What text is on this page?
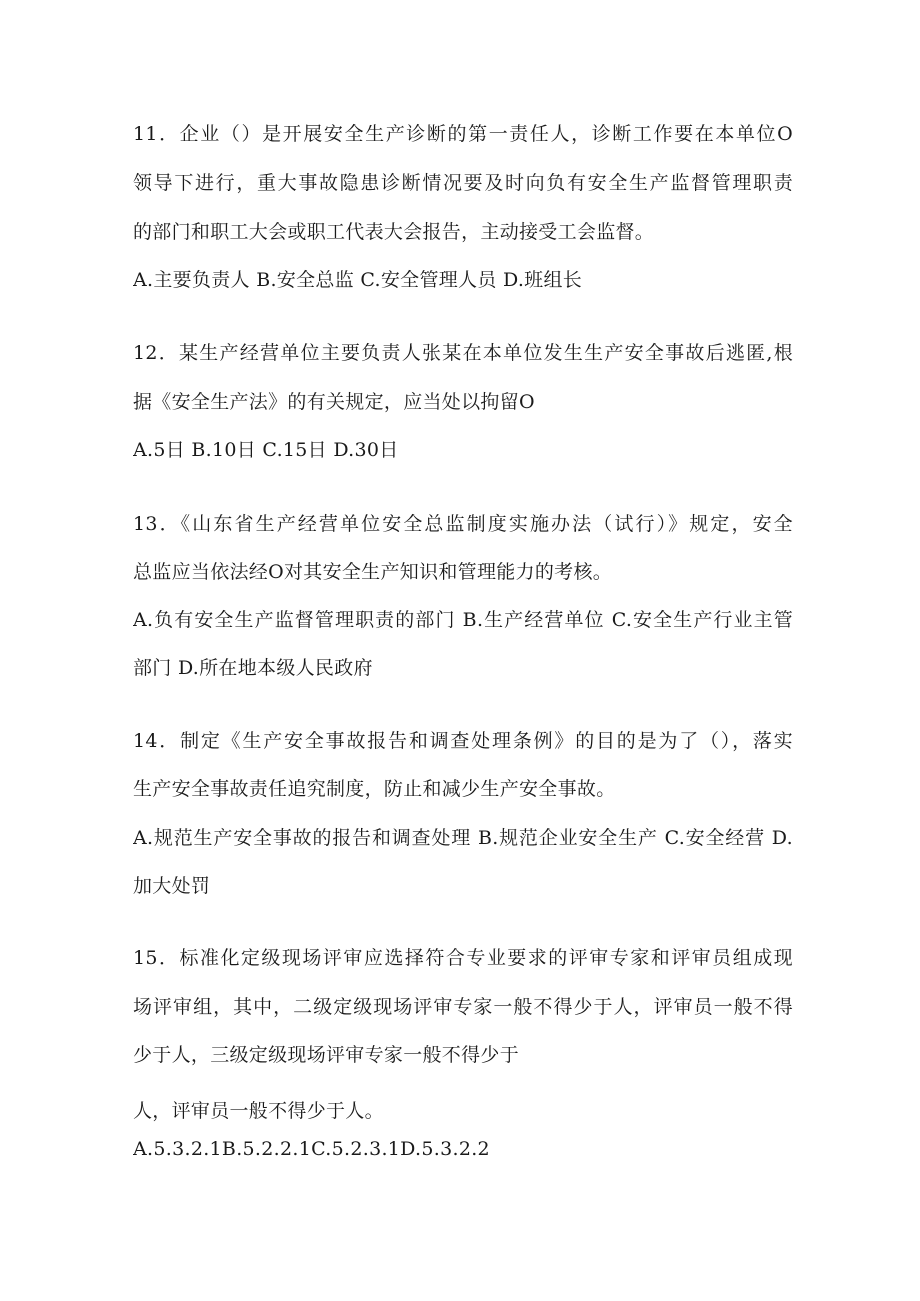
11．企业（）是开展安全生产诊断的第一责任人，诊断工作要在本单位O
领导下进行，重大事故隐患诊断情况要及时向负有安全生产监督管理职责
的部门和职工大会或职工代表大会报告，主动接受工会监督。
A.主要负责人 B.安全总监 C.安全管理人员 D.班组长
12．某生产经营单位主要负责人张某在本单位发生生产安全事故后逃匿,根
据《安全生产法》的有关规定，应当处以拘留O
A.5日 B.10日 C.15日 D.30日
13．《山东省生产经营单位安全总监制度实施办法（试行）》规定，安全
总监应当依法经O对其安全生产知识和管理能力的考核。
A.负有安全生产监督管理职责的部门 B.生产经营单位 C.安全生产行业主管
部门 D.所在地本级人民政府
14．制定《生产安全事故报告和调查处理条例》的目的是为了（），落实
生产安全事故责任追究制度，防止和减少生产安全事故。
A.规范生产安全事故的报告和调查处理 B.规范企业安全生产 C.安全经营 D.
加大处罚
15．标准化定级现场评审应选择符合专业要求的评审专家和评审员组成现
场评审组，其中，二级定级现场评审专家一般不得少于人，评审员一般不得
少于人，三级定级现场评审专家一般不得少于
人，评审员一般不得少于人。
A.5.3.2.1B.5.2.2.1C.5.2.3.1D.5.3.2.2
